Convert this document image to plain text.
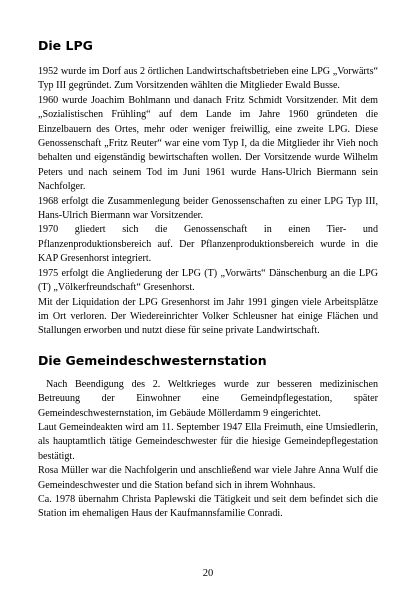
Die LPG

1952 wurde im Dorf aus 2 örtlichen Landwirtschaftsbetrieben eine LPG „Vorwärts“ Typ III gegründet. Zum Vorsitzenden wählten die Mitglieder Ewald Busse.

1960 wurde Joachim Bohlmann und danach Fritz Schmidt Vorsitzender. Mit dem „Sozialistischen Frühling“ auf dem Lande im Jahre 1960 gründeten die Einzelbauern des Ortes, mehr oder weniger freiwillig, eine zweite LPG. Diese Genossenschaft „Fritz Reuter“ war eine vom Typ I, da die Mitglieder ihr Vieh noch behalten und eigenständig bewirtschaften wollen. Der Vorsitzende wurde Wilhelm Peters und nach seinem Tod im Juni 1961 wurde Hans-Ulrich Biermann sein Nachfolger.

1968 erfolgt die Zusammenlegung beider Genossenschaften zu einer LPG Typ III, Hans-Ulrich Biermann war Vorsitzender.

1970 gliedert sich die Genossenschaft in einen Tier- und Pflanzenproduktionsbereich auf. Der Pflanzenproduktionsbereich wurde in die KAP Gresenhorst integriert.

1975 erfolgt die Angliederung der LPG (T) „Vorwärts“ Dänschenburg an die LPG (T) „Völkerfreundschaft“ Gresenhorst.

Mit der Liquidation der LPG Gresenhorst im Jahr 1991 gingen viele Arbeitsplätze im Ort verloren. Der Wiedereinrichter Volker Schleusner hat einige Flächen und Stallungen erworben und nutzt diese für seine private Landwirtschaft.

Die Gemeindeschwesternstation

Nach Beendigung des 2. Weltkrieges wurde zur besseren medizinischen Betreuung der Einwohner eine Gemeindpflegestation, später Gemeindeschwesternstation, im Gebäude Möllerdamm 9 eingerichtet.

Laut Gemeindeakten wird am 11. September 1947 Ella Freimuth, eine Umsiedlerin, als hauptamtlich tätige Gemeindeschwester für die hiesige Gemeindepflegestation bestätigt.

Rosa Müller war die Nachfolgerin und anschließend war viele Jahre Anna Wulf die Gemeindeschwester und die Station befand sich in ihrem Wohnhaus.

Ca. 1978 übernahm Christa Paplewski die Tätigkeit und seit dem befindet sich die Station im ehemaligen Haus der Kaufmannsfamilie Conradi.

20
